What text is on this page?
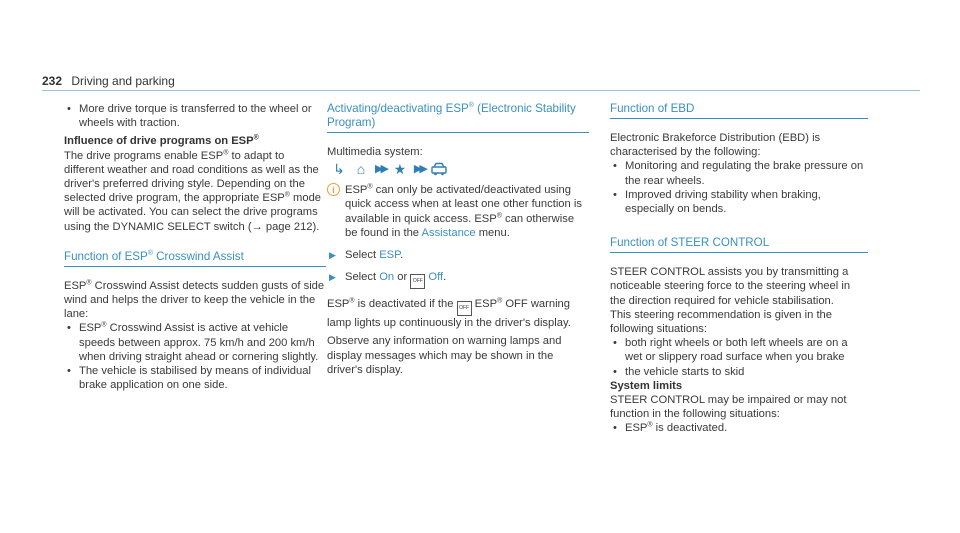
232 Driving and parking

• More drive torque is transferred to the wheel or wheels with traction.

Influence of drive programs on ESP®

The drive programs enable ESP® to adapt to different weather and road conditions as well as the driver's preferred driving style. Depending on the selected drive program, the appropriate ESP® mode will be activated. You can select the drive programs using the DYNAMIC SELECT switch (→ page 212).

Function of ESP® Crosswind Assist

ESP® Crosswind Assist detects sudden gusts of side wind and helps the driver to keep the vehicle in the lane:

• ESP® Crosswind Assist is active at vehicle speeds between approx. 75 km/h and 200 km/h when driving straight ahead or cornering slightly.

• The vehicle is stabilised by means of individual brake application on one side.

Activating/deactivating ESP® (Electronic Stability Program)

Multimedia system:

↳ ⌂ ▶▶ ★ ▶▶
i ESP® can only be activated/deactivated using quick access when at least one other function is available in quick access. ESP® can otherwise be found in the Assistance menu.

▶ Select ESP.

▶ Select On or OFF Off.

ESP® is deactivated if the OFF ESP® OFF warning lamp lights up continuously in the driver's display.

Observe any information on warning lamps and display messages which may be shown in the driver's display.

Function of EBD

Electronic Brakeforce Distribution (EBD) is characterised by the following:

• Monitoring and regulating the brake pressure on the rear wheels.

• Improved driving stability when braking, especially on bends.

Function of STEER CONTROL

STEER CONTROL assists you by transmitting a noticeable steering force to the steering wheel in the direction required for vehicle stabilisation.

This steering recommendation is given in the following situations:

• both right wheels or both left wheels are on a wet or slippery road surface when you brake

• the vehicle starts to skid

System limits

STEER CONTROL may be impaired or may not function in the following situations:

• ESP® is deactivated.
